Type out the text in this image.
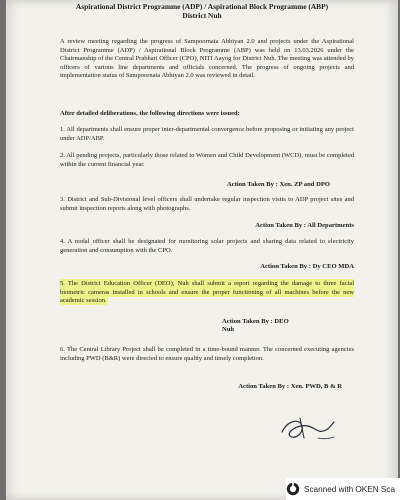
Aspirational District Programme (ADP) / Aspirational Block Programme (ABP)
District Nuh
A review meeting regarding the progress of Sampoornata Abhiyan 2.0 and projects under the Aspirational District Programme (ADP) / Aspirational Block Programme (ABP) was held on 13.03.2026 under the Chairmanship of the Central Prabhari Officer (CPO), NITI Aayog for District Nuh. The meeting was attended by officers of various line departments and officials concerned. The progress of ongoing projects and implementation status of Sampoornata Abhiyan 2.0 was reviewed in detail.
After detailed deliberations, the following directions were issued:
1. All departments shall ensure proper inter-departmental convergence before proposing or initiating any project under ADP/ABP.
2. All pending projects, particularly those related to Women and Child Development (WCD), must be completed within the current financial year.
Action Taken By : Xen. ZP and DPO
3. District and Sub-Divisional level officers shall undertake regular inspection visits to ADP project sites and submit inspection reports along with photographs.
Action Taken By : All Departments
4. A nodal officer shall be designated for monitoring solar projects and sharing data related to electricity generation and consumption with the CPO.
Action Taken By : Dy CEO MDA
5. The District Education Officer (DEO), Nuh shall submit a report regarding the damage to three facial biometric cameras installed in schools and ensure the proper functioning of all machines before the new academic session.
Action Taken By : DEO
Nuh
6. The Central Library Project shall be completed in a time-bound manner. The concerned executing agencies including PWD (B&R) were directed to ensure quality and timely completion.
Action Taken By : Xen. PWD, B & R
Scanned with OKEN Sca
